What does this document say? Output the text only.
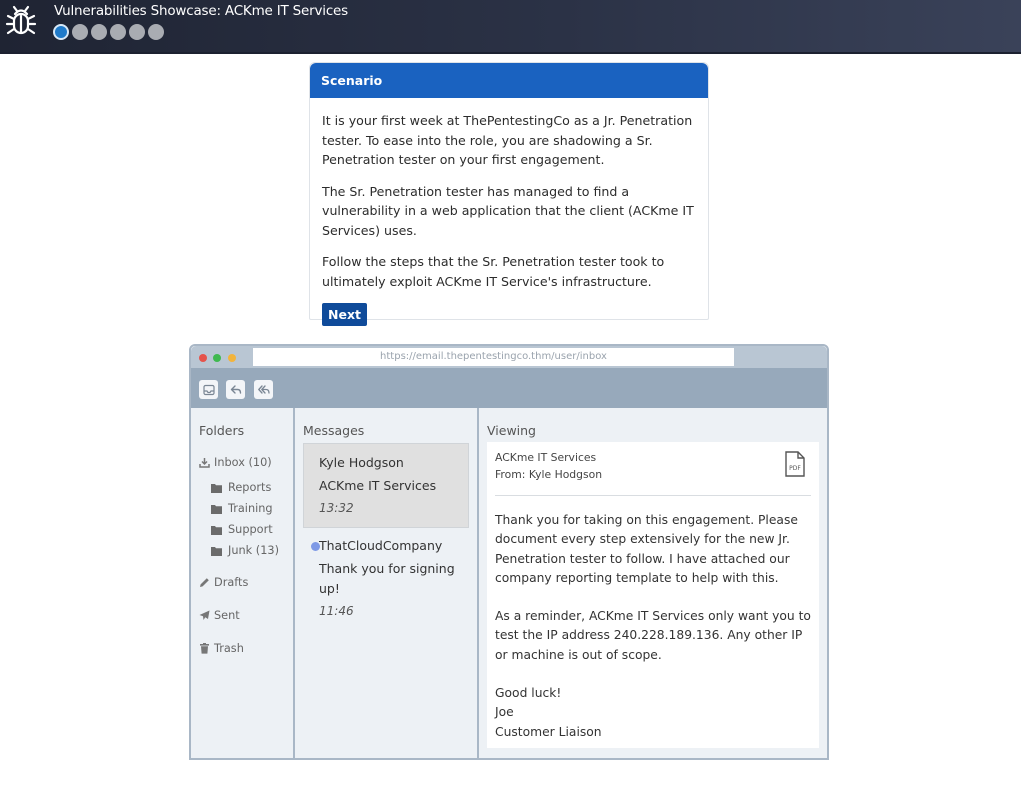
Vulnerabilities Showcase: ACKme IT Services
Scenario

It is your first week at ThePentestingCo as a Jr. Penetration tester. To ease into the role, you are shadowing a Sr. Penetration tester on your first engagement.

The Sr. Penetration tester has managed to find a vulnerability in a web application that the client (ACKme IT Services) uses.

Follow the steps that the Sr. Penetration tester took to ultimately exploit ACKme IT Service's infrastructure.

Next
https://email.thepentestingco.thm/user/inbox
Folders
Inbox (10)
Reports
Training
Support
Junk (13)
Drafts
Sent
Trash
Messages
Kyle Hodgson
ACKme IT Services
13:32
ThatCloudCompany
Thank you for signing
up!
11:46
Viewing
ACKme IT Services
From: Kyle Hodgson	PDF

Thank you for taking on this engagement. Please document every step extensively for the new Jr. Penetration tester to follow. I have attached our company reporting template to help with this.

As a reminder, ACKme IT Services only want you to test the IP address 240.228.189.136. Any other IP or machine is out of scope.

Good luck!
Joe
Customer Liaison
